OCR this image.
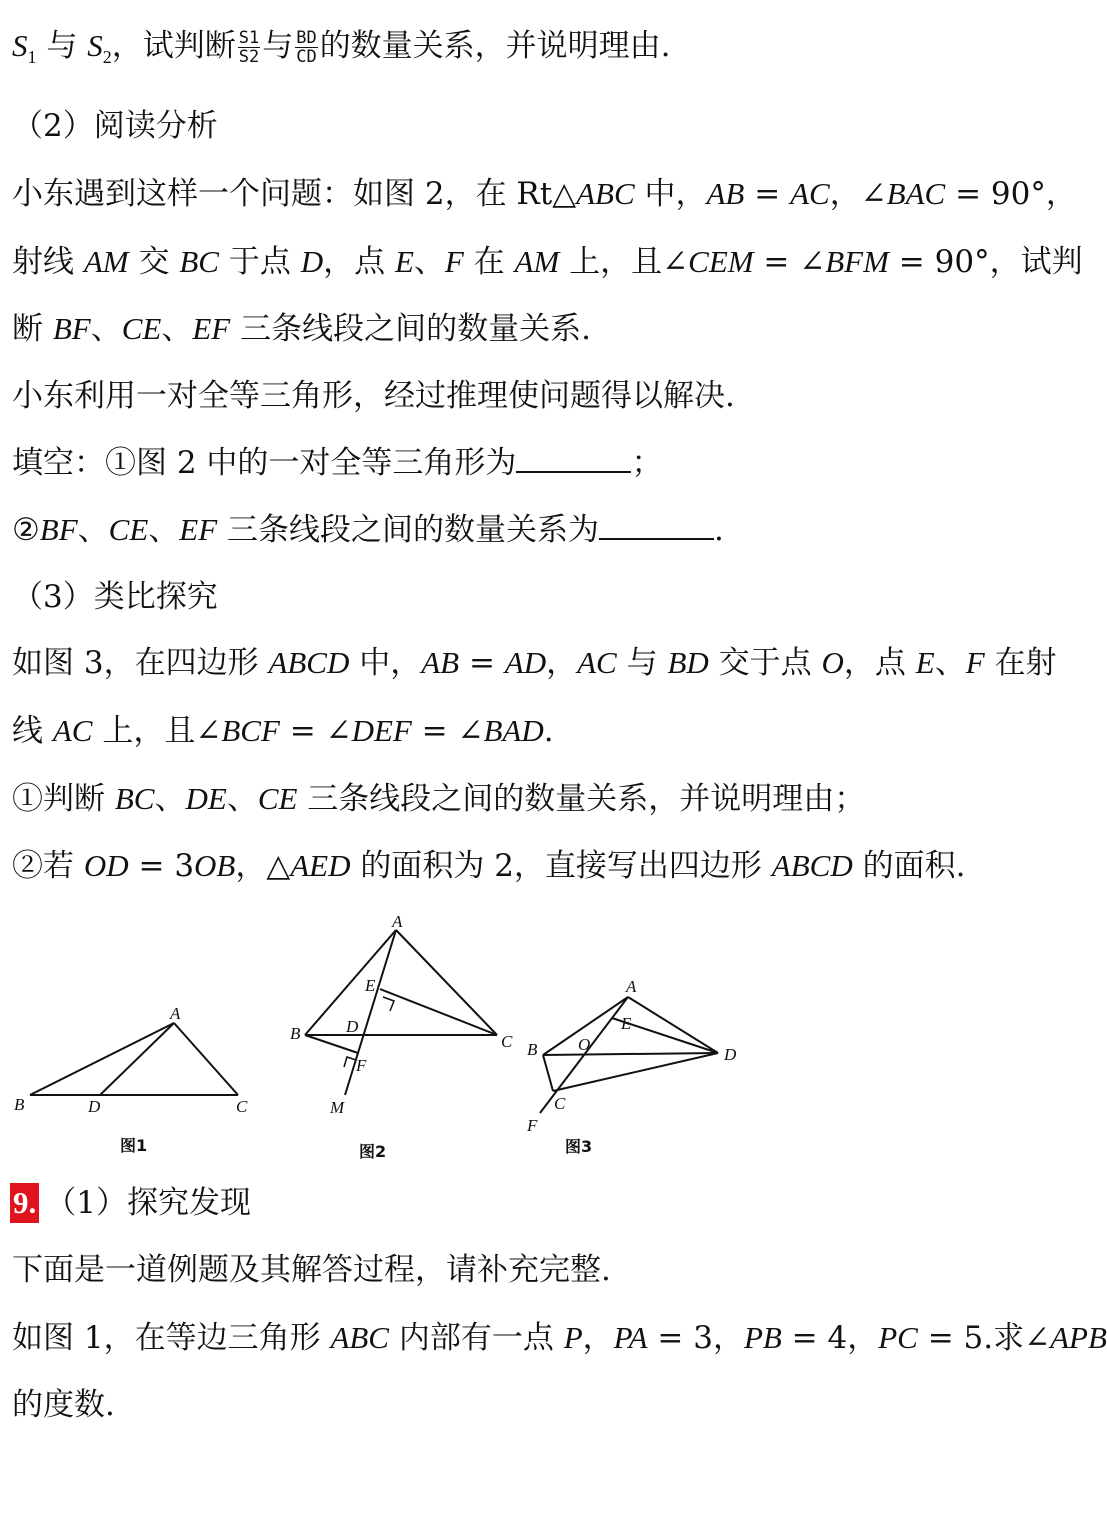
$S_1$ 与 $S_2$，试判断 $\frac{S1}{S2}$ 与 $\frac{BD}{CD}$ 的数量关系，并说明理由.
（2）阅读分析
小东遇到这样一个问题：如图 2，在 Rt△ABC 中，AB = AC，∠BAC = 90°，
射线 AM 交 BC 于点 D，点 E、F 在 AM 上，且∠CEM = ∠BFM = 90°，试判
断 BF、CE、EF 三条线段之间的数量关系.
小东利用一对全等三角形，经过推理使问题得以解决.
填空：①图 2 中的一对全等三角形为	；
②BF、CE、EF 三条线段之间的数量关系为	.
（3）类比探究
如图 3，在四边形 ABCD 中，AB = AD，AC 与 BD 交于点 O，点 E、F 在射
线 AC 上，且∠BCF = ∠DEF = ∠BAD.
①判断 BC、DE、CE 三条线段之间的数量关系，并说明理由；
②若 OD = 3OB，△AED 的面积为 2，直接写出四边形 ABCD 的面积.
A
B	D	C
图1
A
E
B	D
C
F
M
图2
A
E
B O
D
C
F
图3
9. （1）探究发现
下面是一道例题及其解答过程，请补充完整.
如图 1，在等边三角形 ABC 内部有一点 P，PA = 3，PB = 4，PC = 5.求∠APB
的度数.
